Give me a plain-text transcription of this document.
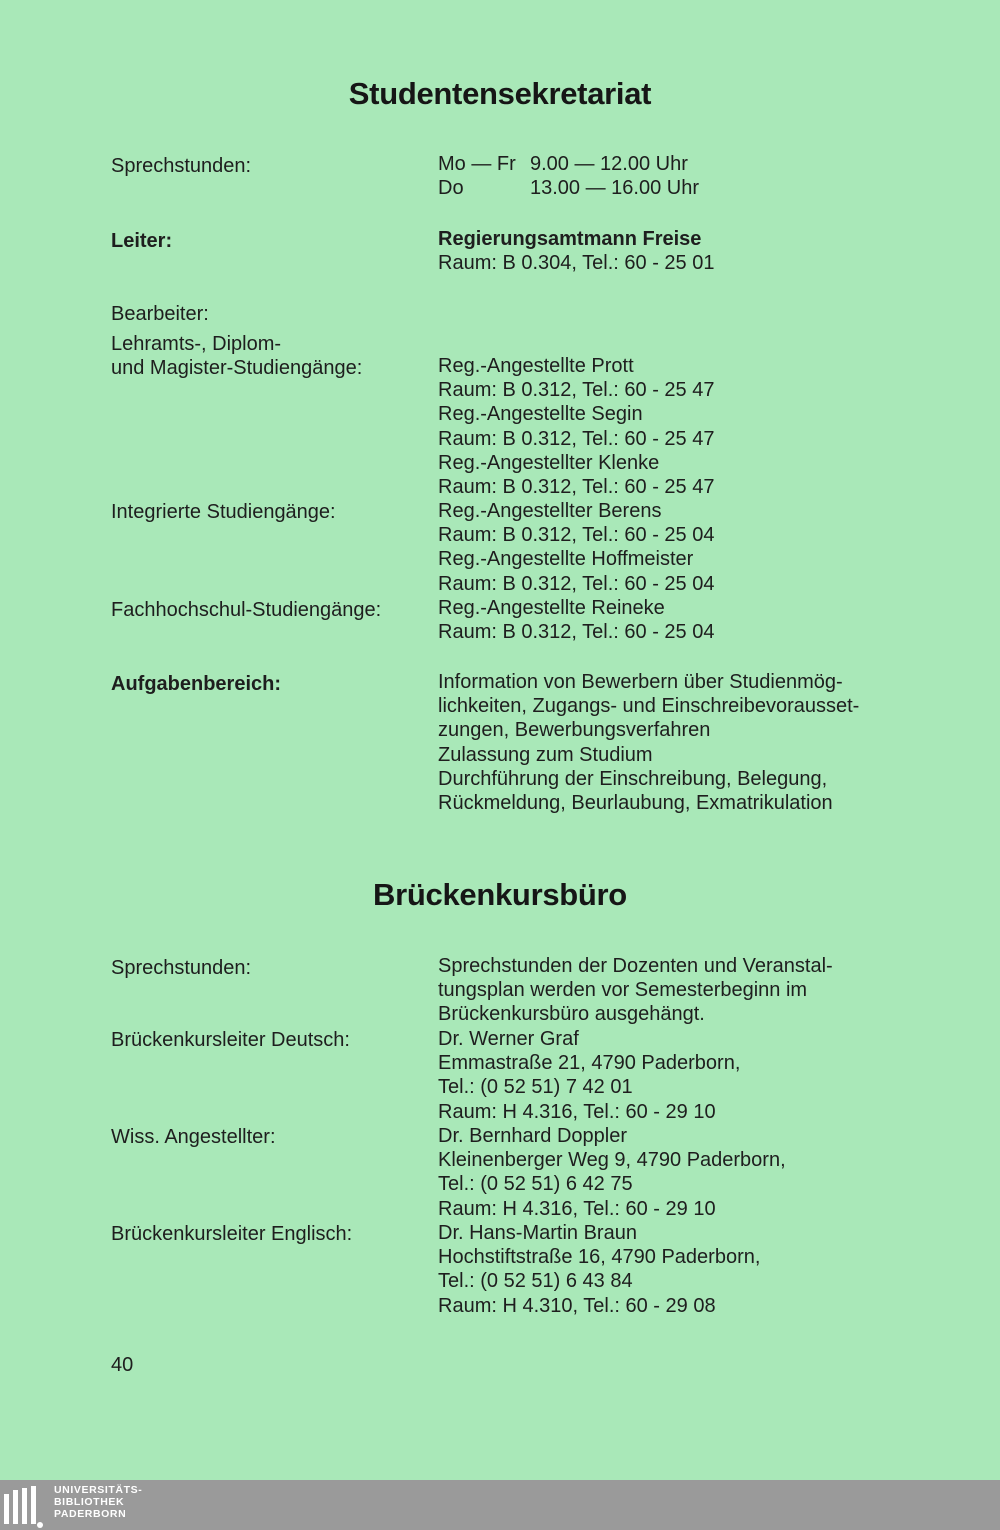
Studentensekretariat
Sprechstunden:	Mo — Fr 9.00 — 12.00 Uhr
Do	13.00 — 16.00 Uhr
Leiter:	Regierungsamtmann Freise
Raum: B 0.304, Tel.: 60 - 25 01
Bearbeiter:
Lehramts-, Diplom-
und Magister-Studiengänge:	Reg.-Angestellte Prott
Raum: B 0.312, Tel.: 60 - 25 47
Reg.-Angestellte Segin
Raum: B 0.312, Tel.: 60 - 25 47
Reg.-Angestellter Klenke
Raum: B 0.312, Tel.: 60 - 25 47
Integrierte Studiengänge:	Reg.-Angestellter Berens
Raum: B 0.312, Tel.: 60 - 25 04
Reg.-Angestellte Hoffmeister
Raum: B 0.312, Tel.: 60 - 25 04
Fachhochschul-Studiengänge:	Reg.-Angestellte Reineke
Raum: B 0.312, Tel.: 60 - 25 04
Aufgabenbereich:	Information von Bewerbern über Studienmög-
lichkeiten, Zugangs- und Einschreibevorausset-
zungen, Bewerbungsverfahren
Zulassung zum Studium
Durchführung der Einschreibung, Belegung,
Rückmeldung, Beurlaubung, Exmatrikulation
Brückenkursbüro
Sprechstunden:	Sprechstunden der Dozenten und Veranstal-
tungsplan werden vor Semesterbeginn im
Brückenkursbüro ausgehängt.
Brückenkursleiter Deutsch:	Dr. Werner Graf
Emmastraße 21, 4790 Paderborn,
Tel.: (0 52 51) 7 42 01
Raum: H 4.316, Tel.: 60 - 29 10
Wiss. Angestellter:	Dr. Bernhard Doppler
Kleinenberger Weg 9, 4790 Paderborn,
Tel.: (0 52 51) 6 42 75
Raum: H 4.316, Tel.: 60 - 29 10
Brückenkursleiter Englisch:	Dr. Hans-Martin Braun
Hochstiftstraße 16, 4790 Paderborn,
Tel.: (0 52 51) 6 43 84
Raum: H 4.310, Tel.: 60 - 29 08
40
UNIVERSITÄTS-
BIBLIOTHEK
PADERBORN
